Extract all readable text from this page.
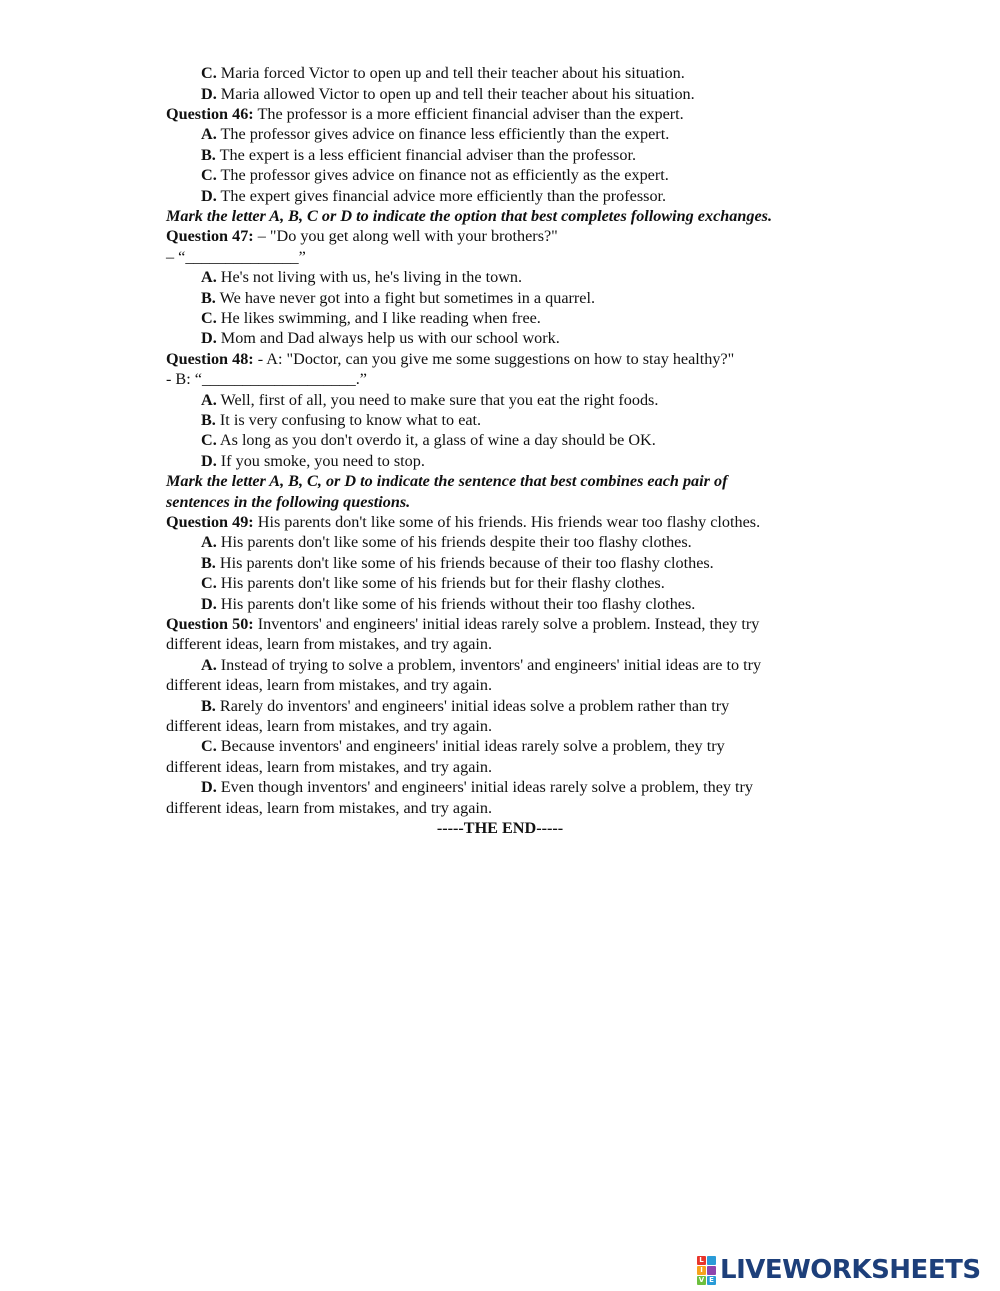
C. Maria forced Victor to open up and tell their teacher about his situation.
D. Maria allowed Victor to open up and tell their teacher about his situation.
Question 46: The professor is a more efficient financial adviser than the expert.
A. The professor gives advice on finance less efficiently than the expert.
B. The expert is a less efficient financial adviser than the professor.
C. The professor gives advice on finance not as efficiently as the expert.
D. The expert gives financial advice more efficiently than the professor.
Mark the letter A, B, C or D to indicate the option that best completes following exchanges.
Question 47: – "Do you get along well with your brothers?"
– “______________”
A. He's not living with us, he's living in the town.
B. We have never got into a fight but sometimes in a quarrel.
C. He likes swimming, and I like reading when free.
D. Mom and Dad always help us with our school work.
Question 48: - A: "Doctor, can you give me some suggestions on how to stay healthy?"
- B: “___________________.”
A. Well, first of all, you need to make sure that you eat the right foods.
B. It is very confusing to know what to eat.
C. As long as you don't overdo it, a glass of wine a day should be OK.
D. If you smoke, you need to stop.
Mark the letter A, B, C, or D to indicate the sentence that best combines each pair of
sentences in the following questions.
Question 49: His parents don't like some of his friends. His friends wear too flashy clothes.
A. His parents don't like some of his friends despite their too flashy clothes.
B. His parents don't like some of his friends because of their too flashy clothes.
C. His parents don't like some of his friends but for their flashy clothes.
D. His parents don't like some of his friends without their too flashy clothes.
Question 50: Inventors' and engineers' initial ideas rarely solve a problem. Instead, they try
different ideas, learn from mistakes, and try again.
A. Instead of trying to solve a problem, inventors' and engineers' initial ideas are to try
different ideas, learn from mistakes, and try again.
B. Rarely do inventors' and engineers' initial ideas solve a problem rather than try
different ideas, learn from mistakes, and try again.
C. Because inventors' and engineers' initial ideas rarely solve a problem, they try
different ideas, learn from mistakes, and try again.
D. Even though inventors' and engineers' initial ideas rarely solve a problem, they try
different ideas, learn from mistakes, and try again.
-----THE END-----
L
I
V E LIVEWORKSHEETS
